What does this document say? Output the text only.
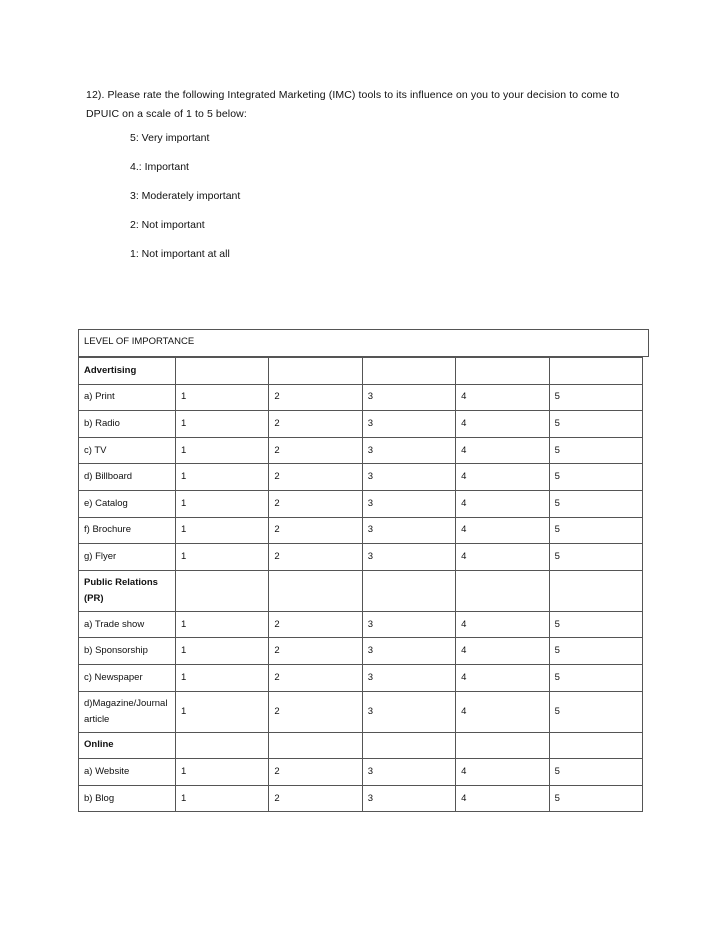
12). Please rate the following Integrated Marketing (IMC) tools to its influence on you to your decision to come to DPUIC on a scale of 1 to 5 below:
5: Very important
4.: Important
3: Moderately important
2: Not important
1: Not important at all
LEVEL OF IMPORTANCE
Advertising					
a) Print	1	2	3	4	5
b) Radio	1	2	3	4	5
c) TV	1	2	3	4	5
d) Billboard	1	2	3	4	5
e) Catalog	1	2	3	4	5
f) Brochure	1	2	3	4	5
g) Flyer	1	2	3	4	5
Public Relations (PR)					
a) Trade show	1	2	3	4	5
b) Sponsorship	1	2	3	4	5
c) Newspaper	1	2	3	4	5
d)Magazine/Journal article	1	2	3	4	5
Online					
a) Website	1	2	3	4	5
b) Blog	1	2	3	4	5
